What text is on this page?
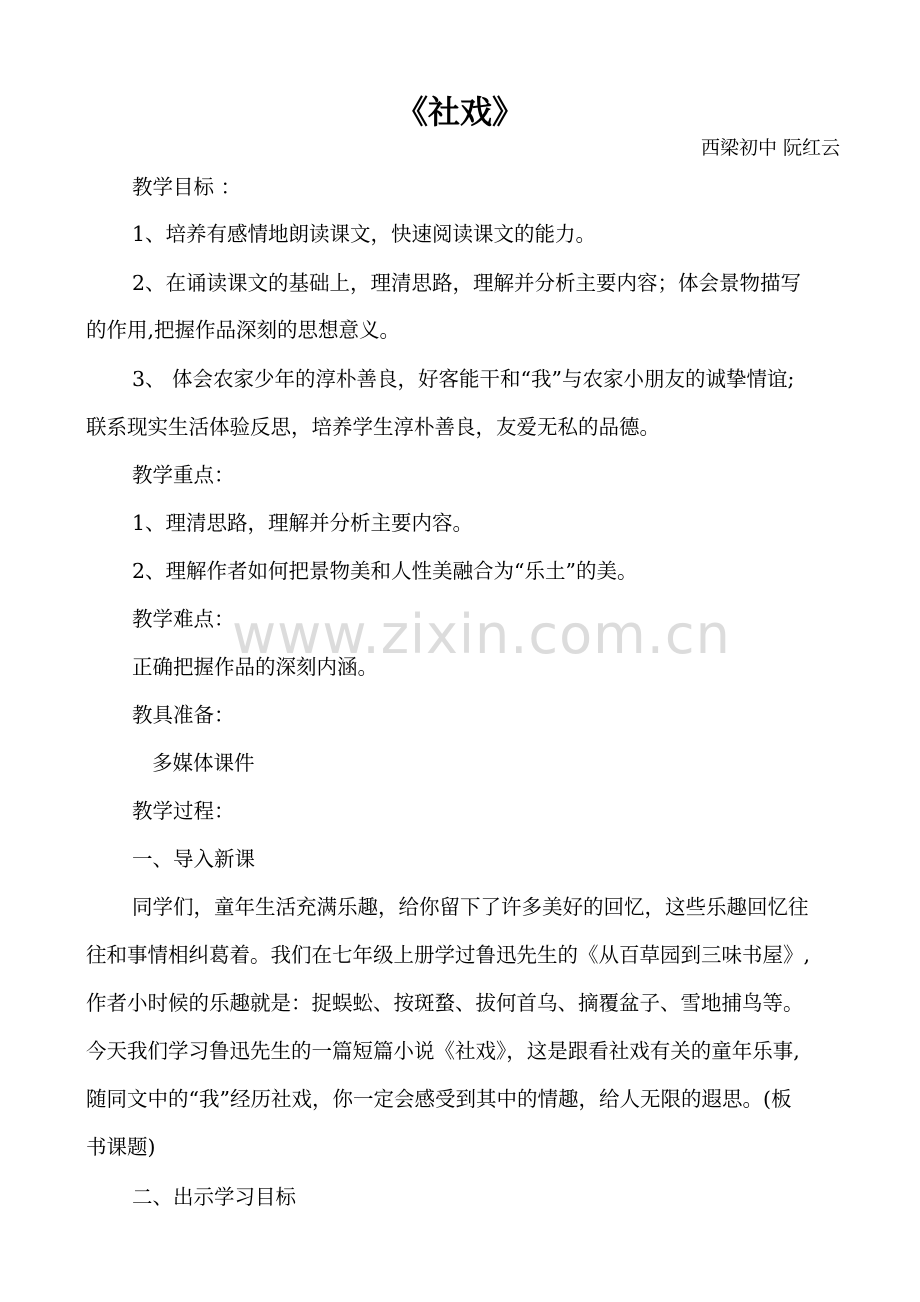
《社戏》
西梁初中 阮红云
www.zixin.com.cn
教学目标 ：
1、培养有感情地朗读课文，快速阅读课文的能力。
2、在诵读课文的基础上，理清思路，理解并分析主要内容；体会景物描写
的作用,把握作品深刻的思想意义。
3、 体会农家少年的淳朴善良，好客能干和“我”与农家小朋友的诚挚情谊;
联系现实生活体验反思，培养学生淳朴善良，友爱无私的品德。
教学重点：
1、理清思路，理解并分析主要内容。
2、理解作者如何把景物美和人性美融合为“乐土”的美。
教学难点：
正确把握作品的深刻内涵。
教具准备：
多媒体课件
教学过程：
一、导入新课
同学们，童年生活充满乐趣，给你留下了许多美好的回忆，这些乐趣回忆往
往和事情相纠葛着。我们在七年级上册学过鲁迅先生的《从百草园到三味书屋》,
作者小时候的乐趣就是：捉蜈蚣、按斑蝥、拔何首乌、摘覆盆子、雪地捕鸟等。
今天我们学习鲁迅先生的一篇短篇小说《社戏》，这是跟看社戏有关的童年乐事,
随同文中的“我”经历社戏，你一定会感受到其中的情趣，给人无限的遐思。(板
书课题)
二、出示学习目标
